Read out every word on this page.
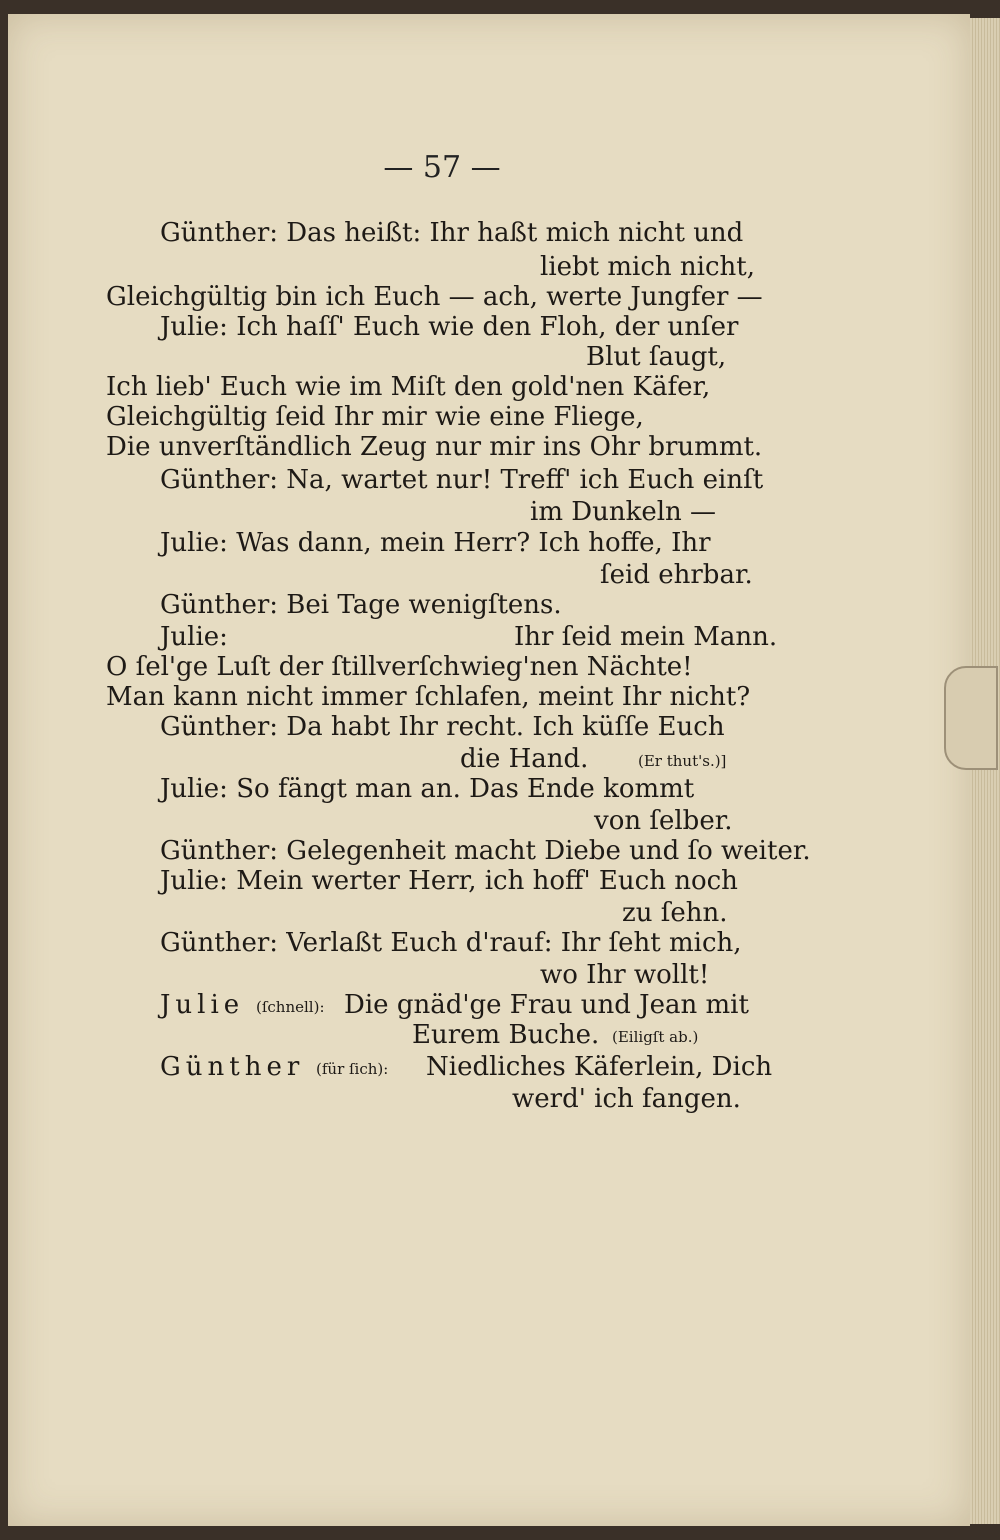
— 57 —
Günther: Das heißt: Ihr haßt mich nicht und
liebt mich nicht,
Gleichgültig bin ich Euch — ach, werte Jungfer —
Julie: Ich haſſ' Euch wie den Floh, der unſer
Blut ſaugt,
Ich lieb' Euch wie im Miſt den gold'nen Käfer,
Gleichgültig ſeid Ihr mir wie eine Fliege,
Die unverſtändlich Zeug nur mir ins Ohr brummt.
Günther: Na, wartet nur! Treff' ich Euch einſt
im Dunkeln —
Julie: Was dann, mein Herr? Ich hoffe, Ihr
ſeid ehrbar.
Günther: Bei Tage wenigſtens.
Julie:	Ihr ſeid mein Mann.
O ſel'ge Luſt der ſtillverſchwieg'nen Nächte!
Man kann nicht immer ſchlafen, meint Ihr nicht?
Günther: Da habt Ihr recht. Ich küſſe Euch
die Hand.	(Er thut's.)]
Julie: So fängt man an. Das Ende kommt
von ſelber.
Günther: Gelegenheit macht Diebe und ſo weiter.
Julie: Mein werter Herr, ich hoff' Euch noch
zu ſehn.
Günther: Verlaßt Euch d'rauf: Ihr ſeht mich,
wo Ihr wollt!
Julie (ſchnell): Die gnäd'ge Frau und Jean mit
Eurem Buche. (Eiligſt ab.)
Günther (für ſich): Niedliches Käferlein, Dich
werd' ich fangen.
